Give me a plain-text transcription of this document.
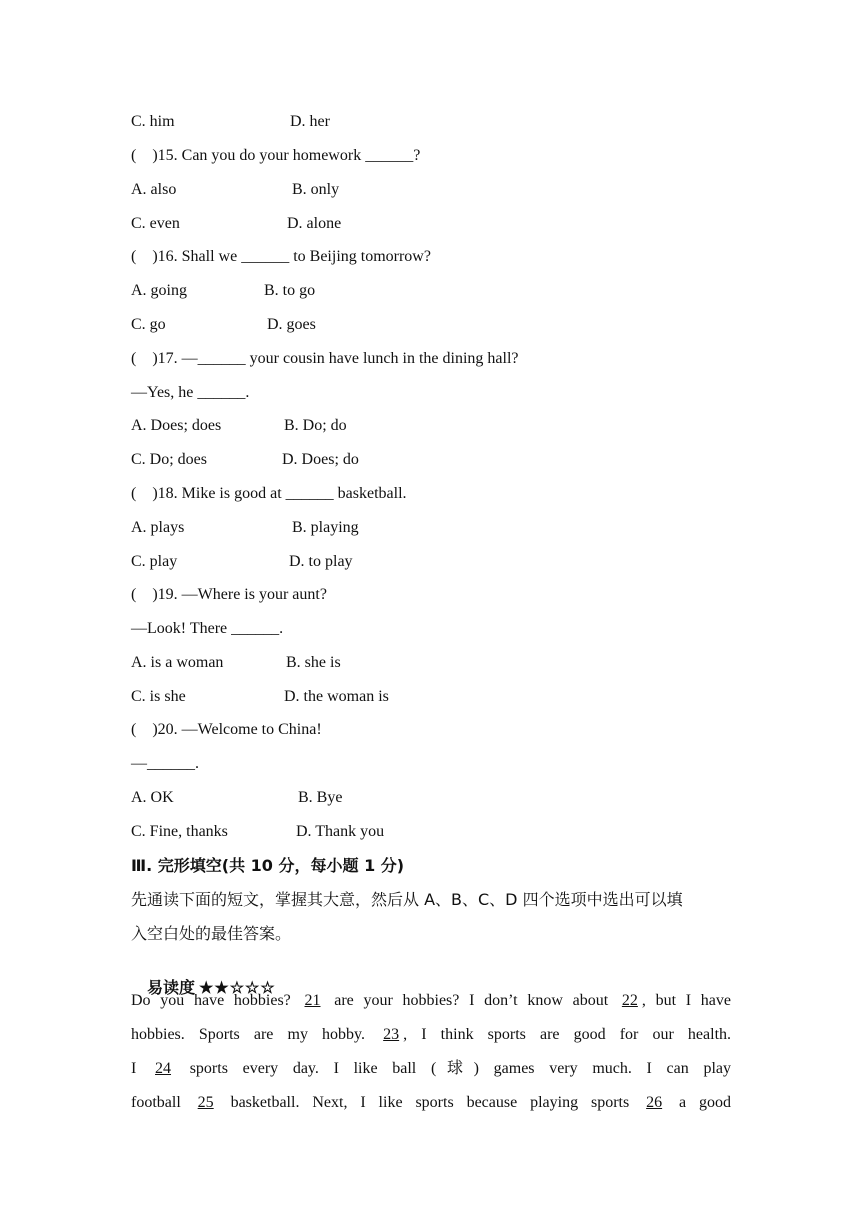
C. him	D. her
(    )15. Can you do your homework ______?
A. also	B. only
C. even	D. alone
(    )16. Shall we ______ to Beijing tomorrow?
A. going	B. to go
C. go	D. goes
(    )17. —______ your cousin have lunch in the dining hall?
—Yes, he ______.
A. Does; does	B. Do; do
C. Do; does	D. Does; do
(    )18. Mike is good at ______ basketball.
A. plays	B. playing
C. play	D. to play
(    )19. —Where is your aunt?
—Look! There ______.
A. is a woman	B. she is
C. is she	D. the woman is
(    )20. —Welcome to China!
—______.
A. OK	B. Bye
C. Fine, thanks	D. Thank you
Ⅲ. 完形填空(共 10 分，每小题 1 分)
先通读下面的短文，掌握其大意，然后从 A、B、C、D 四个选项中选出可以填
入空白处的最佳答案。

易读度 ★★☆☆☆

Do you have hobbies? 21 are your hobbies? I don’t know about 22 , but I have
hobbies. Sports are my hobby. 23 , I think sports are good for our health.
I 24 sports every day. I like ball (球) games very much. I can play
football 25 basketball. Next, I like sports because playing sports 26 a good
